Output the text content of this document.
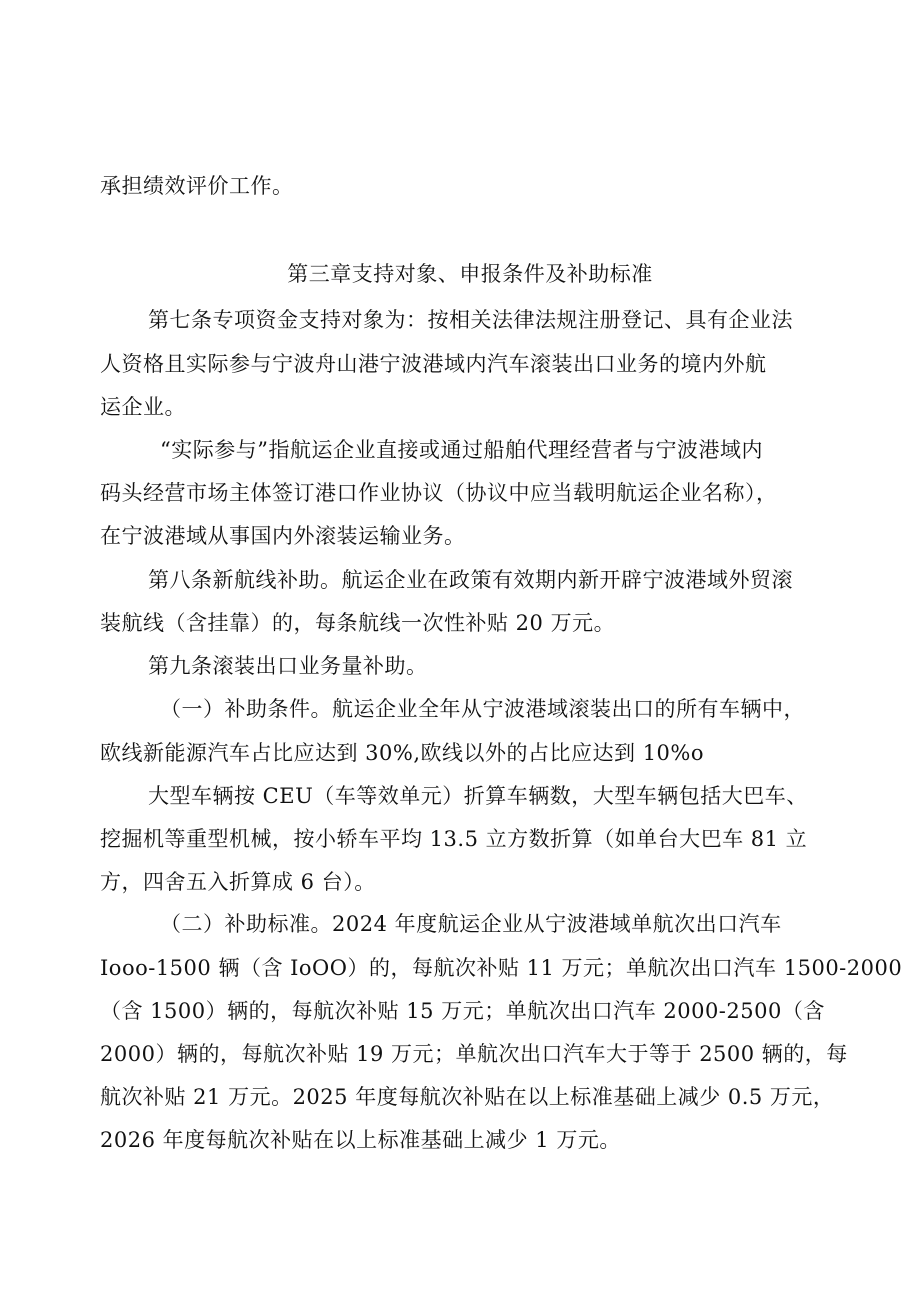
承担绩效评价工作。
第三章支持对象、申报条件及补助标准
第七条专项资金支持对象为：按相关法律法规注册登记、具有企业法
人资格且实际参与宁波舟山港宁波港域内汽车滚装出口业务的境内外航
运企业。
“实际参与”指航运企业直接或通过船舶代理经营者与宁波港域内
码头经营市场主体签订港口作业协议（协议中应当载明航运企业名称），
在宁波港域从事国内外滚装运输业务。
第八条新航线补助。航运企业在政策有效期内新开辟宁波港域外贸滚
装航线（含挂靠）的，每条航线一次性补贴 20 万元。
第九条滚装出口业务量补助。
（一）补助条件。航运企业全年从宁波港域滚装出口的所有车辆中，
欧线新能源汽车占比应达到 30%,欧线以外的占比应达到 10%o
大型车辆按 CEU（车等效单元）折算车辆数，大型车辆包括大巴车、
挖掘机等重型机械，按小轿车平均 13.5 立方数折算（如单台大巴车 81 立
方，四舍五入折算成 6 台）。
（二）补助标准。2024 年度航运企业从宁波港域单航次出口汽车
Iooo-1500 辆（含 IoOO）的，每航次补贴 11 万元；单航次出口汽车 1500-2000
（含 1500）辆的，每航次补贴 15 万元；单航次出口汽车 2000-2500（含
2000）辆的，每航次补贴 19 万元；单航次出口汽车大于等于 2500 辆的，每
航次补贴 21 万元。2025 年度每航次补贴在以上标准基础上减少 0.5 万元，
2026 年度每航次补贴在以上标准基础上减少 1 万元。
